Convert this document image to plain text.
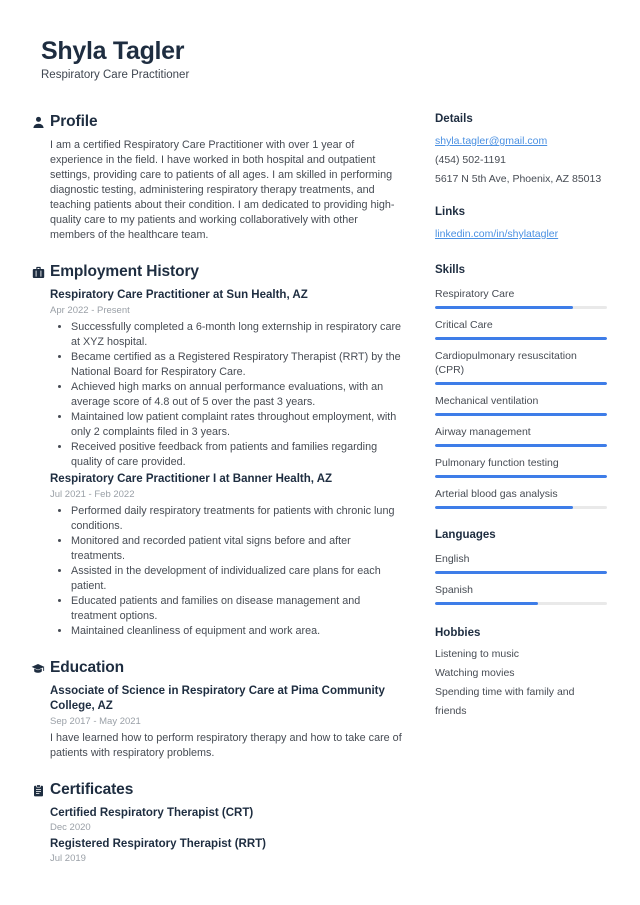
Shyla Tagler
Respiratory Care Practitioner
Profile

I am a certified Respiratory Care Practitioner with over 1 year of experience in the field. I have worked in both hospital and outpatient settings, providing care to patients of all ages. I am skilled in performing diagnostic testing, administering respiratory therapy treatments, and teaching patients about their condition. I am dedicated to providing high-quality care to my patients and working collaboratively with other members of the healthcare team.

Employment History
Respiratory Care Practitioner at Sun Health, AZ
Apr 2022 - Present
• Successfully completed a 6-month long externship in respiratory care at XYZ hospital.
• Became certified as a Registered Respiratory Therapist (RRT) by the National Board for Respiratory Care.
• Achieved high marks on annual performance evaluations, with an average score of 4.8 out of 5 over the past 3 years.
• Maintained low patient complaint rates throughout employment, with only 2 complaints filed in 3 years.
• Received positive feedback from patients and families regarding quality of care provided.
Respiratory Care Practitioner I at Banner Health, AZ
Jul 2021 - Feb 2022
• Performed daily respiratory treatments for patients with chronic lung conditions.
• Monitored and recorded patient vital signs before and after treatments.
• Assisted in the development of individualized care plans for each patient.
• Educated patients and families on disease management and treatment options.
• Maintained cleanliness of equipment and work area.
Education
Associate of Science in Respiratory Care at Pima Community College, AZ
Sep 2017 - May 2021

I have learned how to perform respiratory therapy and how to take care of patients with respiratory problems.

Certificates
Certified Respiratory Therapist (CRT)
Dec 2020
Registered Respiratory Therapist (RRT)
Jul 2019
Details
shyla.tagler@gmail.com
(454) 502-1191
5617 N 5th Ave, Phoenix, AZ 85013
Links
linkedin.com/in/shylatagler
Skills
Respiratory Care
Critical Care
Cardiopulmonary resuscitation (CPR)
Mechanical ventilation
Airway management
Pulmonary function testing
Arterial blood gas analysis
Languages
English
Spanish
Hobbies
Listening to music
Watching movies
Spending time with family and friends
